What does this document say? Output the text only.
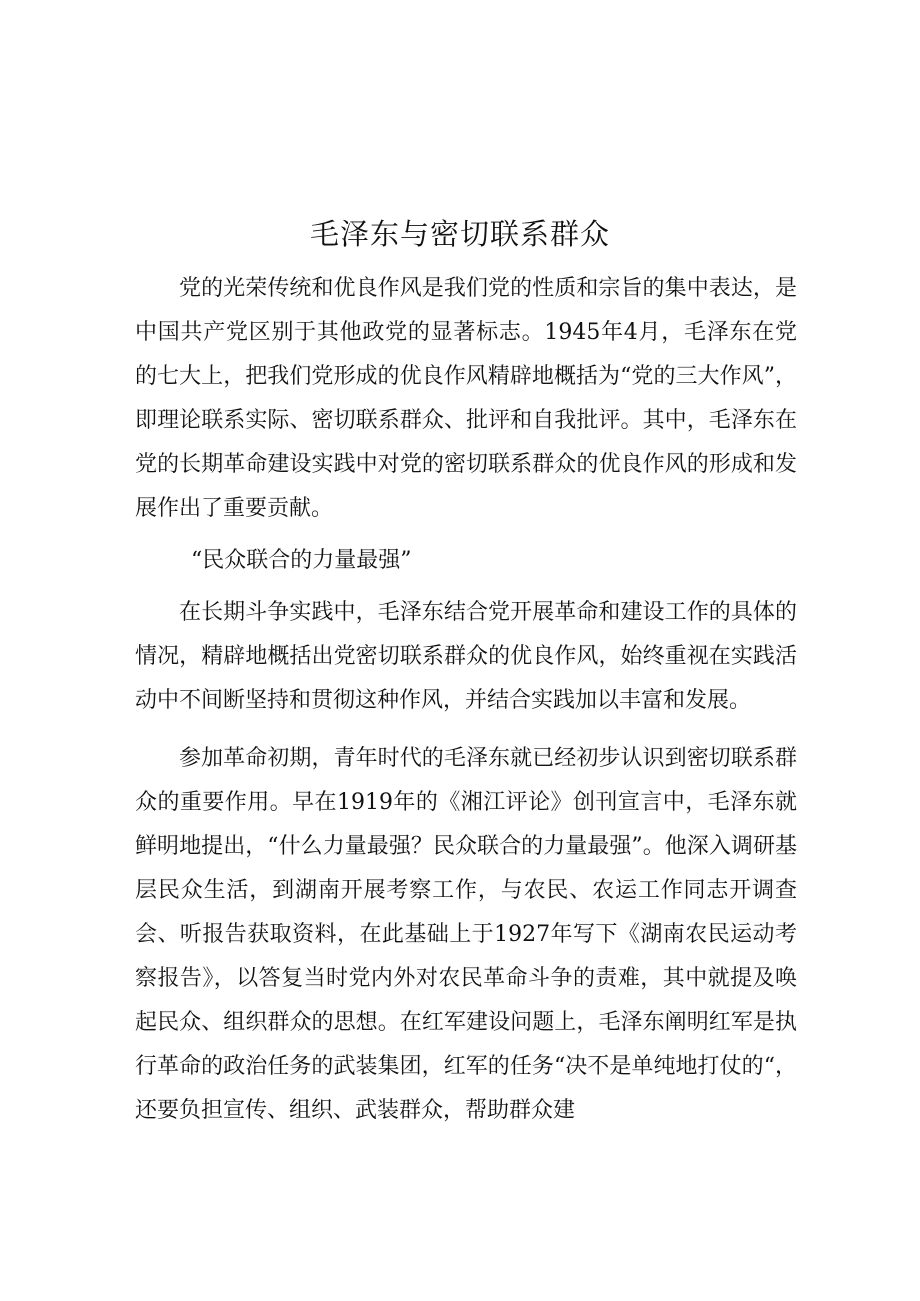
毛泽东与密切联系群众

党的光荣传统和优良作风是我们党的性质和宗旨的集中表达，是中国共产党区别于其他政党的显著标志。1945年4月，毛泽东在党的七大上，把我们党形成的优良作风精辟地概括为“党的三大作风”，即理论联系实际、密切联系群众、批评和自我批评。其中，毛泽东在党的长期革命建设实践中对党的密切联系群众的优良作风的形成和发展作出了重要贡献。

“民众联合的力量最强”

在长期斗争实践中，毛泽东结合党开展革命和建设工作的具体的情况，精辟地概括出党密切联系群众的优良作风，始终重视在实践活动中不间断坚持和贯彻这种作风，并结合实践加以丰富和发展。

参加革命初期，青年时代的毛泽东就已经初步认识到密切联系群众的重要作用。早在1919年的《湘江评论》创刊宣言中，毛泽东就鲜明地提出，“什么力量最强？民众联合的力量最强”。他深入调研基层民众生活，到湖南开展考察工作，与农民、农运工作同志开调查会、听报告获取资料，在此基础上于1927年写下《湖南农民运动考察报告》，以答复当时党内外对农民革命斗争的责难，其中就提及唤起民众、组织群众的思想。在红军建设问题上，毛泽东阐明红军是执行革命的政治任务的武装集团，红军的任务“决不是单纯地打仗的“，还要负担宣传、组织、武装群众，帮助群众建
